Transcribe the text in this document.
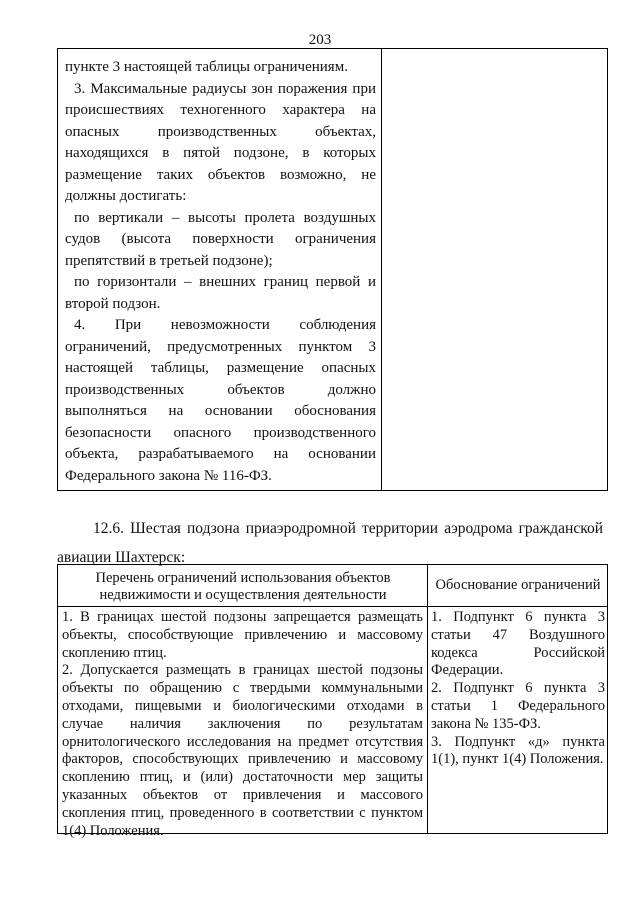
203

пункте 3 настоящей таблицы ограничениям.

3. Максимальные радиусы зон поражения при происшествиях техногенного характера на опасных производственных объектах, находящихся в пятой подзоне, в которых размещение таких объектов возможно, не должны достигать:

по вертикали – высоты пролета воздушных судов (высота поверхности ограничения препятствий в третьей подзоне);

по горизонтали – внешних границ первой и второй подзон.

4. При невозможности соблюдения ограничений, предусмотренных пунктом 3 настоящей таблицы, размещение опасных производственных объектов должно выполняться на основании обоснования безопасности опасного производственного объекта, разрабатываемого на основании Федерального закона № 116-ФЗ.

12.6. Шестая подзона приаэродромной территории аэродрома гражданской авиации Шахтерск:
Перечень ограничений использования объектов недвижимости и осуществления деятельности
Обоснование ограничений

1. В границах шестой подзоны запрещается размещать объекты, способствующие привлечению и массовому скоплению птиц.

2. Допускается размещать в границах шестой подзоны объекты по обращению с твердыми коммунальными отходами, пищевыми и биологическими отходами в случае наличия заключения по результатам орнитологического исследования на предмет отсутствия факторов, способствующих привлечению и массовому скоплению птиц, и (или) достаточности мер защиты указанных объектов от привлечения и массового скопления птиц, проведенного в соответствии с пунктом 1(4) Положения.

1. Подпункт 6 пункта 3 статьи 47 Воздушного кодекса Российской Федерации.

2. Подпункт 6 пункта 3 статьи 1 Федерального закона № 135-ФЗ.

3. Подпункт «д» пункта 1(1), пункт 1(4) Положения.
